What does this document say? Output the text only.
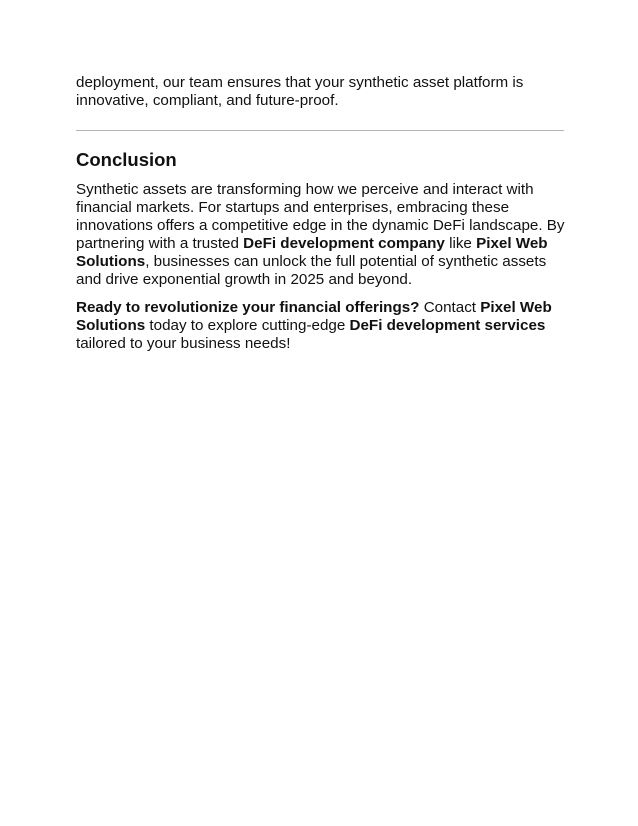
deployment, our team ensures that your synthetic asset platform is innovative, compliant, and future-proof.

Conclusion

Synthetic assets are transforming how we perceive and interact with financial markets. For startups and enterprises, embracing these innovations offers a competitive edge in the dynamic DeFi landscape. By partnering with a trusted DeFi development company like Pixel Web Solutions, businesses can unlock the full potential of synthetic assets and drive exponential growth in 2025 and beyond.

Ready to revolutionize your financial offerings? Contact Pixel Web Solutions today to explore cutting-edge DeFi development services tailored to your business needs!
